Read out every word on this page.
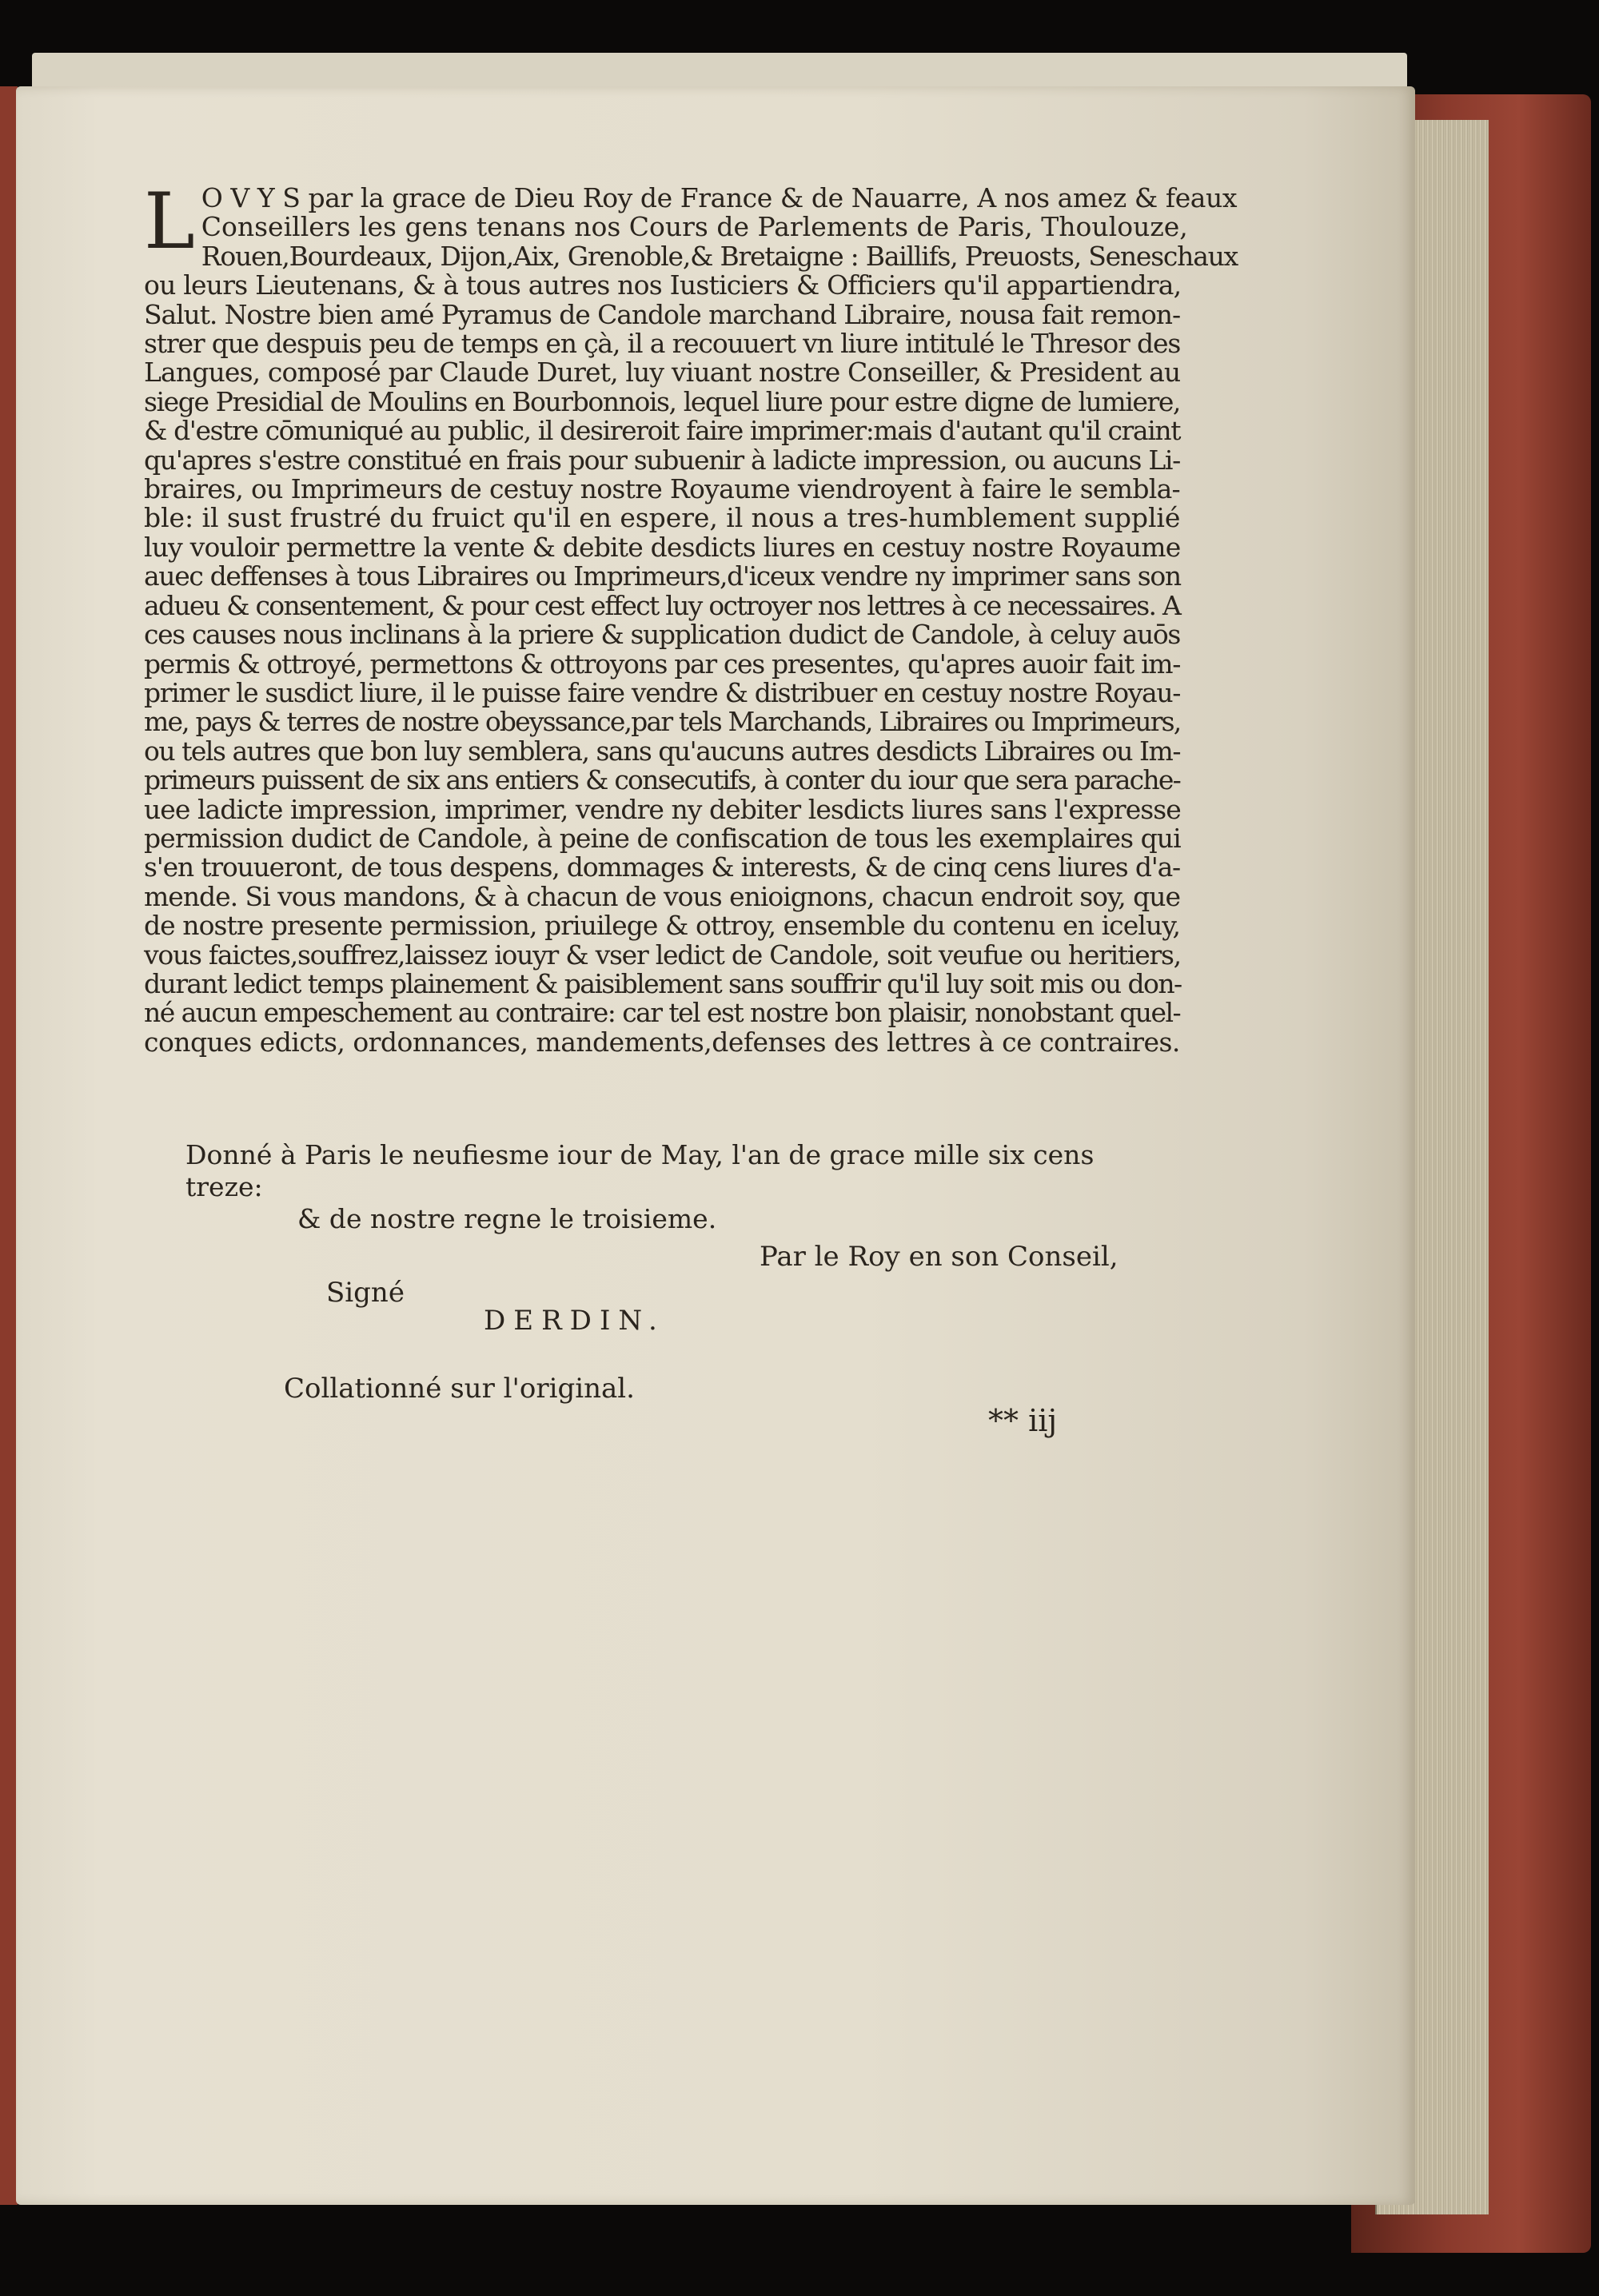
L O V Y S par la grace de Dieu Roy de France & de Nauarre, A nos amez & feaux
Conseillers les gens tenans nos Cours de Parlements de Paris, Thoulouze,
Rouen,Bourdeaux, Dijon,Aix, Grenoble,& Bretaigne : Baillifs, Preuosts, Seneschaux
ou leurs Lieutenans, & à tous autres nos Iusticiers & Officiers qu'il appartiendra,
Salut. Nostre bien amé Pyramus de Candole marchand Libraire, nousa fait remon-
strer que despuis peu de temps en çà, il a recouuert vn liure intitulé le Thresor des
Langues, composé par Claude Duret, luy viuant nostre Conseiller, & President au
siege Presidial de Moulins en Bourbonnois, lequel liure pour estre digne de lumiere,
& d'estre cōmuniqué au public, il desireroit faire imprimer:mais d'autant qu'il craint
qu'apres s'estre constitué en frais pour subuenir à ladicte impression, ou aucuns Li-
braires, ou Imprimeurs de cestuy nostre Royaume viendroyent à faire le sembla-
ble: il sust frustré du fruict qu'il en espere, il nous a tres-humblement supplié
luy vouloir permettre la vente & debite desdicts liures en cestuy nostre Royaume
auec deffenses à tous Libraires ou Imprimeurs,d'iceux vendre ny imprimer sans son
adueu & consentement, & pour cest effect luy octroyer nos lettres à ce necessaires. A
ces causes nous inclinans à la priere & supplication dudict de Candole, à celuy auōs
permis & ottroyé, permettons & ottroyons par ces presentes, qu'apres auoir fait im-
primer le susdict liure, il le puisse faire vendre & distribuer en cestuy nostre Royau-
me, pays & terres de nostre obeyssance,par tels Marchands, Libraires ou Imprimeurs,
ou tels autres que bon luy semblera, sans qu'aucuns autres desdicts Libraires ou Im-
primeurs puissent de six ans entiers & consecutifs, à conter du iour que sera parache-
uee ladicte impression, imprimer, vendre ny debiter lesdicts liures sans l'expresse
permission dudict de Candole, à peine de confiscation de tous les exemplaires qui
s'en trouueront, de tous despens, dommages & interests, & de cinq cens liures d'a-
mende. Si vous mandons, & à chacun de vous enioignons, chacun endroit soy, que
de nostre presente permission, priuilege & ottroy, ensemble du contenu en iceluy,
vous faictes,souffrez,laissez iouyr & vser ledict de Candole, soit veufue ou heritiers,
durant ledict temps plainement & paisiblement sans souffrir qu'il luy soit mis ou don-
né aucun empeschement au contraire: car tel est nostre bon plaisir, nonobstant quel-
conques edicts, ordonnances, mandements,defenses des lettres à ce contraires.

Donné à Paris le neufiesme iour de May, l'an de grace mille six cens treze:
& de nostre regne le troisieme.
Par le Roy en son Conseil,
Signé
DERDIN.
Collationné sur l'original.
** iij
